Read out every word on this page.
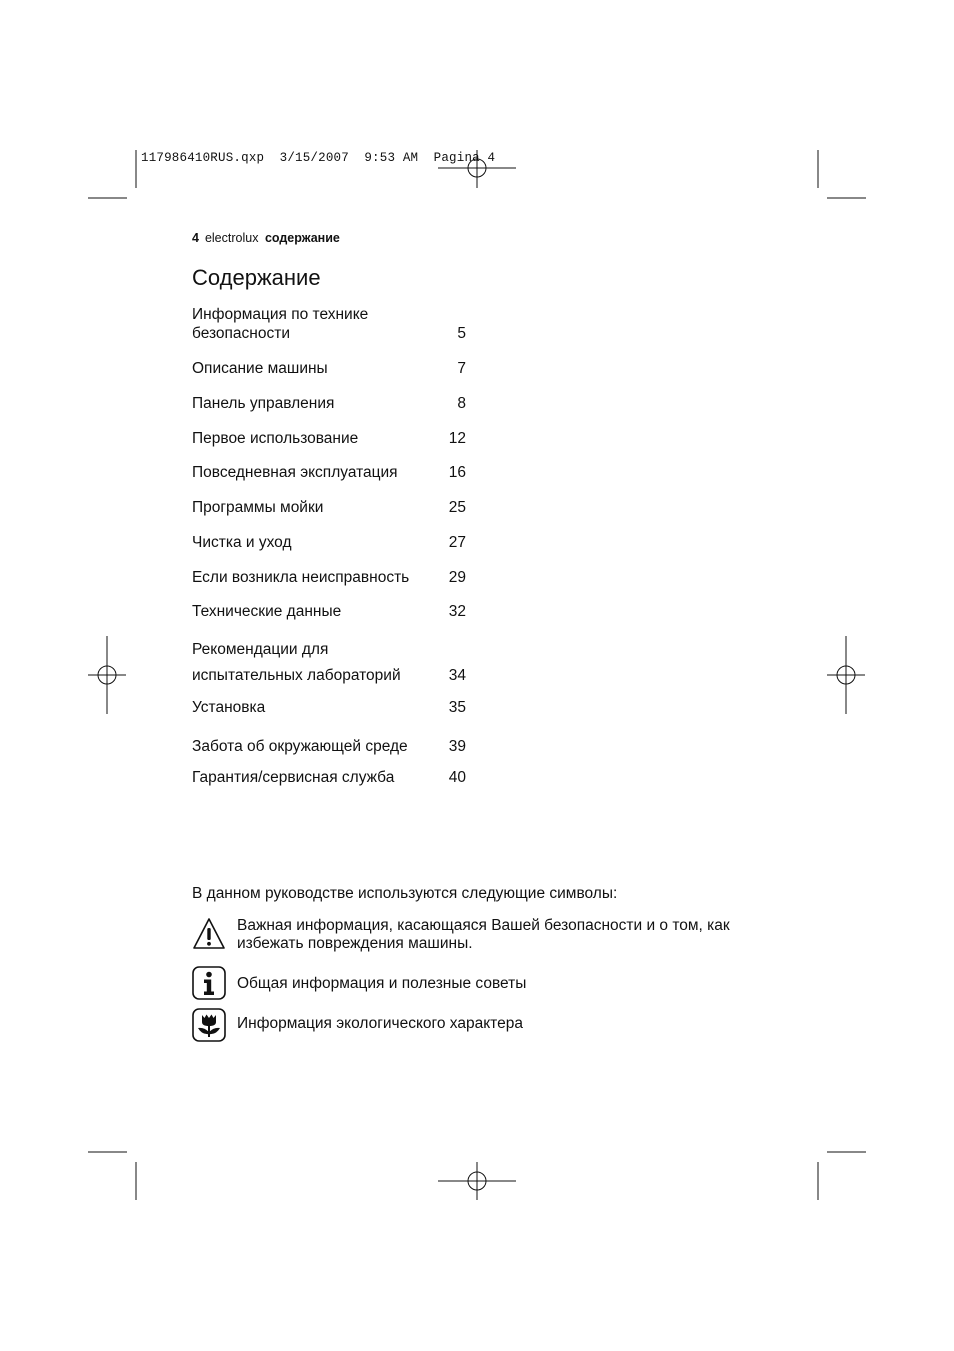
117986410RUS.qxp  3/15/2007  9:53 AM  Pagina 4
4 electrolux содержание
Содержание
Информация по технике безопасности	5
Описание машины	7
Панель управления	8
Первое использование	12
Повседневная эксплуатация	16
Программы мойки	25
Чистка и уход	27
Если возникла неисправность	29
Технические данные	32
Рекомендации для испытательных лабораторий	34
Установка	35
Забота об окружающей среде	39
Гарантия/сервисная служба	40
В данном руководстве используются следующие символы:
Важная информация, касающаяся Вашей безопасности и о том, как избежать повреждения машины.
Общая информация и полезные советы
Информация экологического характера
